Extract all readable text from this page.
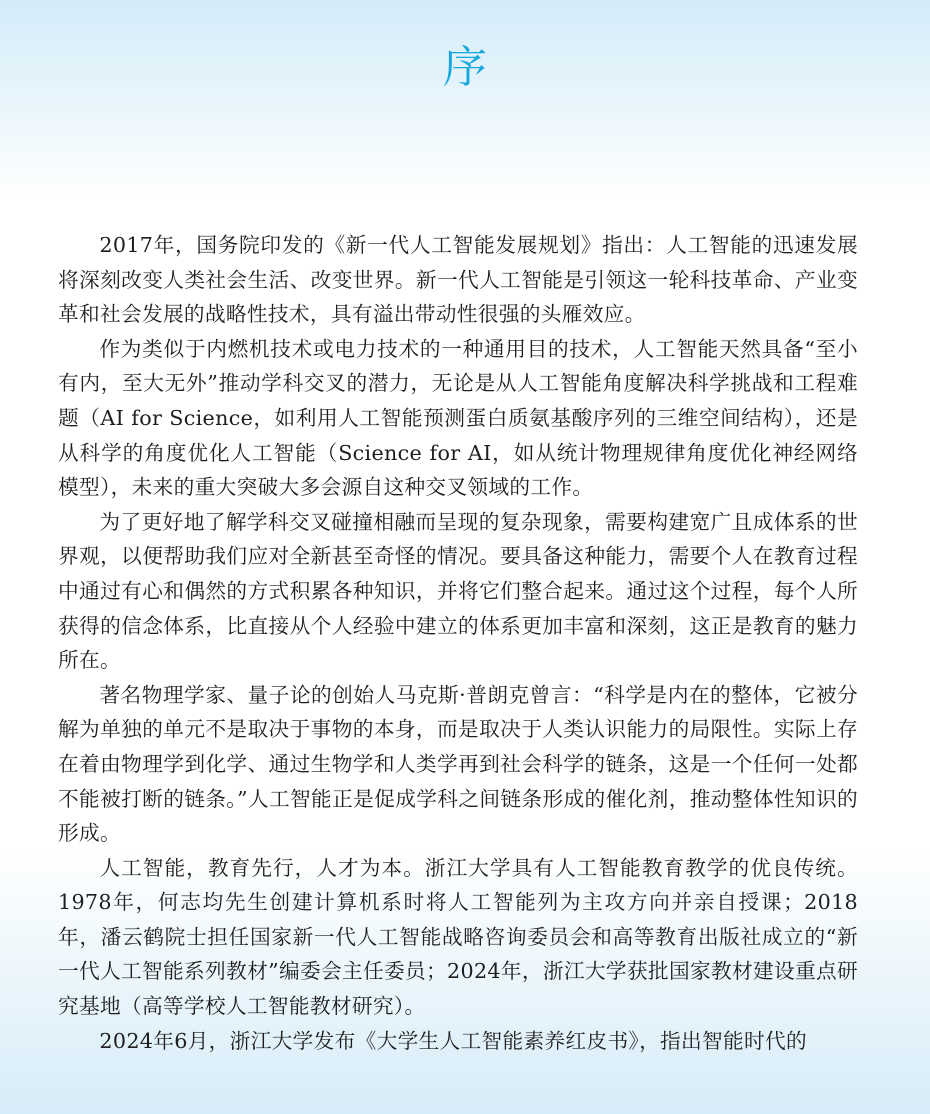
序

2017年，国务院印发的《新一代人工智能发展规划》指出：人工智能的迅速发展将深刻改变人类社会生活、改变世界。新一代人工智能是引领这一轮科技革命、产业变革和社会发展的战略性技术，具有溢出带动性很强的头雁效应。

作为类似于内燃机技术或电力技术的一种通用目的技术，人工智能天然具备“至小有内，至大无外”推动学科交叉的潜力，无论是从人工智能角度解决科学挑战和工程难题（AI for Science，如利用人工智能预测蛋白质氨基酸序列的三维空间结构），还是从科学的角度优化人工智能（Science for AI，如从统计物理规律角度优化神经网络模型），未来的重大突破大多会源自这种交叉领域的工作。

为了更好地了解学科交叉碰撞相融而呈现的复杂现象，需要构建宽广且成体系的世界观，以便帮助我们应对全新甚至奇怪的情况。要具备这种能力，需要个人在教育过程中通过有心和偶然的方式积累各种知识，并将它们整合起来。通过这个过程，每个人所获得的信念体系，比直接从个人经验中建立的体系更加丰富和深刻，这正是教育的魅力所在。

著名物理学家、量子论的创始人马克斯·普朗克曾言：“科学是内在的整体，它被分解为单独的单元不是取决于事物的本身，而是取决于人类认识能力的局限性。实际上存在着由物理学到化学、通过生物学和人类学再到社会科学的链条，这是一个任何一处都不能被打断的链条。”人工智能正是促成学科之间链条形成的催化剂，推动整体性知识的形成。

人工智能，教育先行，人才为本。浙江大学具有人工智能教育教学的优良传统。1978年，何志均先生创建计算机系时将人工智能列为主攻方向并亲自授课；2018年，潘云鹤院士担任国家新一代人工智能战略咨询委员会和高等教育出版社成立的“新一代人工智能系列教材”编委会主任委员；2024年，浙江大学获批国家教材建设重点研究基地（高等学校人工智能教材研究）。

2024年6月，浙江大学发布《大学生人工智能素养红皮书》，指出智能时代的
